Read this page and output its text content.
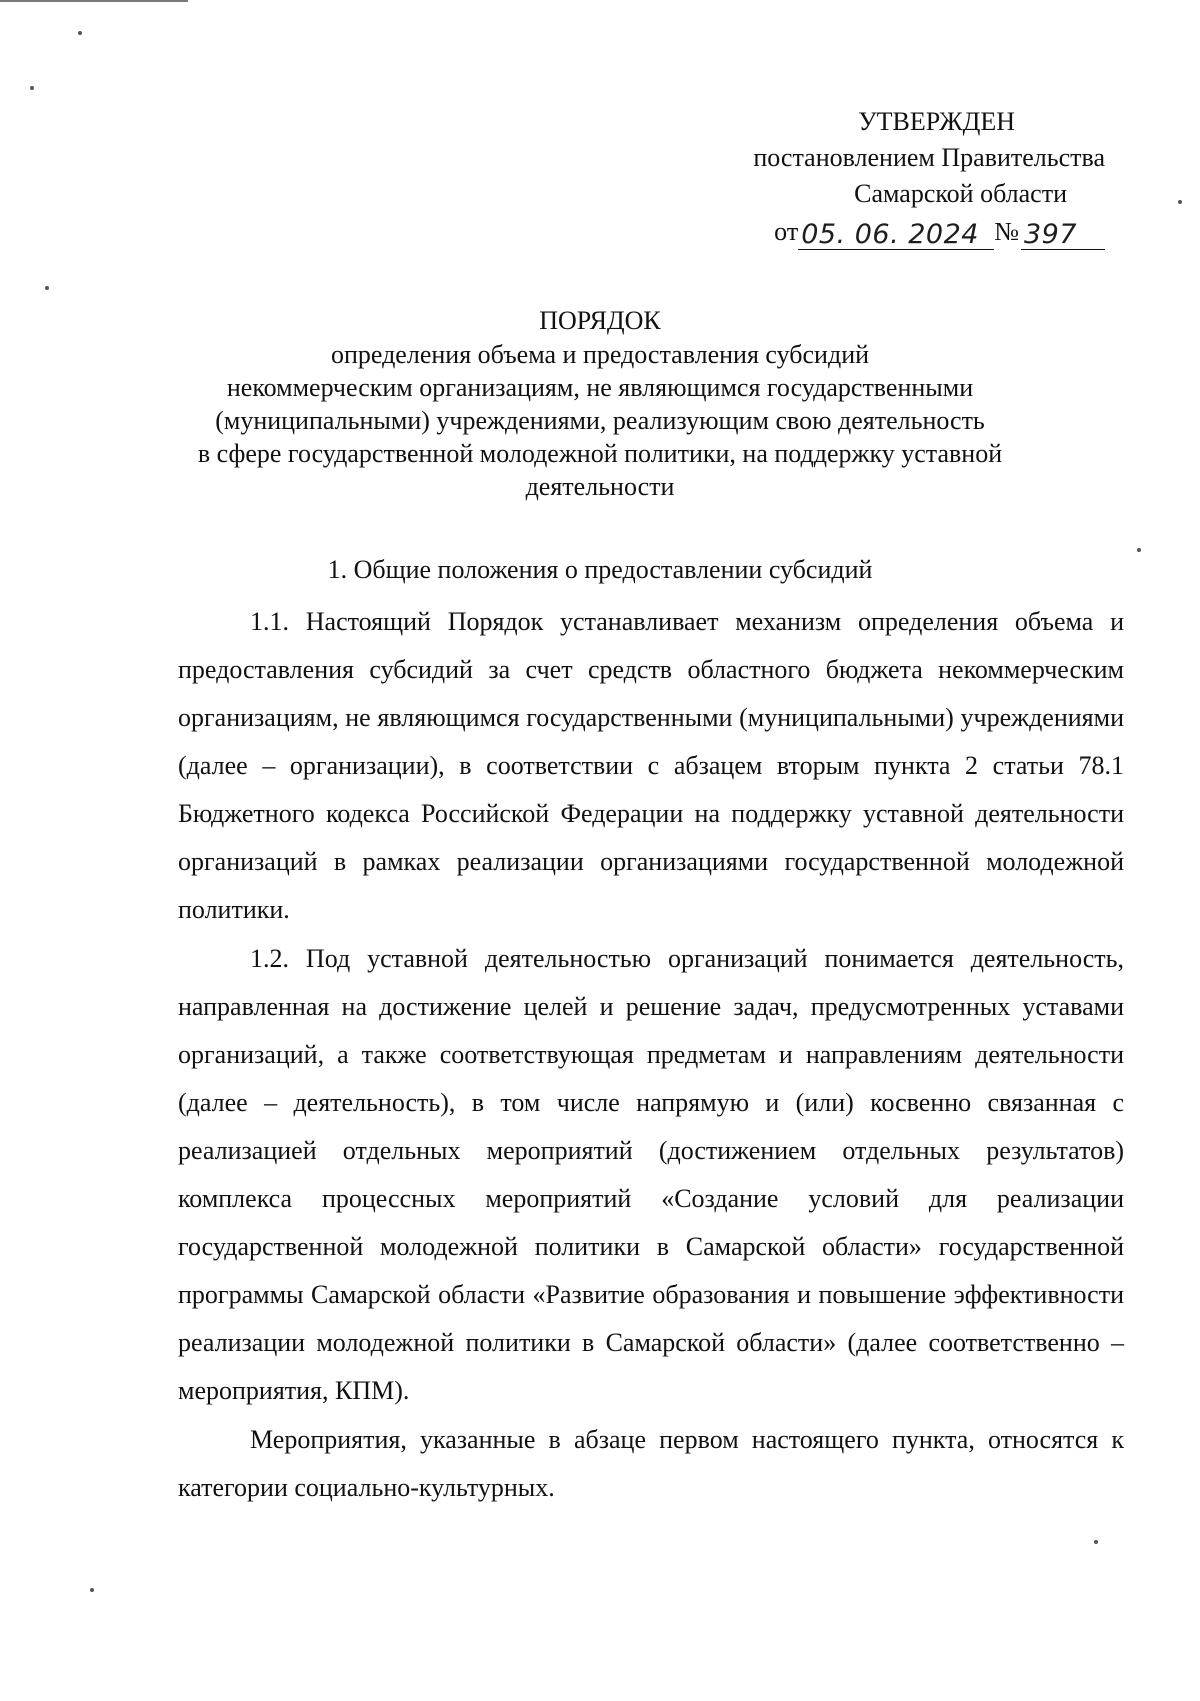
УТВЕРЖДЕН
постановлением Правительства
Самарской области
от 05. 06. 2024 № 397
ПОРЯДОК
определения объема и предоставления субсидий
некоммерческим организациям, не являющимся государственными
(муниципальными) учреждениями, реализующим свою деятельность
в сфере государственной молодежной политики, на поддержку уставной
деятельности
1. Общие положения о предоставлении субсидий

1.1. Настоящий Порядок устанавливает механизм определения объема и предоставления субсидий за счет средств областного бюджета некоммерческим организациям, не являющимся государственными (муниципальными) учреждениями (далее – организации), в соответствии с абзацем вторым пункта 2 статьи 78.1 Бюджетного кодекса Российской Федерации на поддержку уставной деятельности организаций в рамках реализации организациями государственной молодежной политики.

1.2. Под уставной деятельностью организаций понимается деятельность, направленная на достижение целей и решение задач, предусмотренных уставами организаций, а также соответствующая предметам и направлениям деятельности (далее – деятельность), в том числе напрямую и (или) косвенно связанная с реализацией отдельных мероприятий (достижением отдельных результатов) комплекса процессных мероприятий «Создание условий для реализации государственной молодежной политики в Самарской области» государственной программы Самарской области «Развитие образования и повышение эффективности реализации молодежной политики в Самарской области» (далее соответственно – мероприятия, КПМ).

Мероприятия, указанные в абзаце первом настоящего пункта, относятся к категории социально-культурных.
